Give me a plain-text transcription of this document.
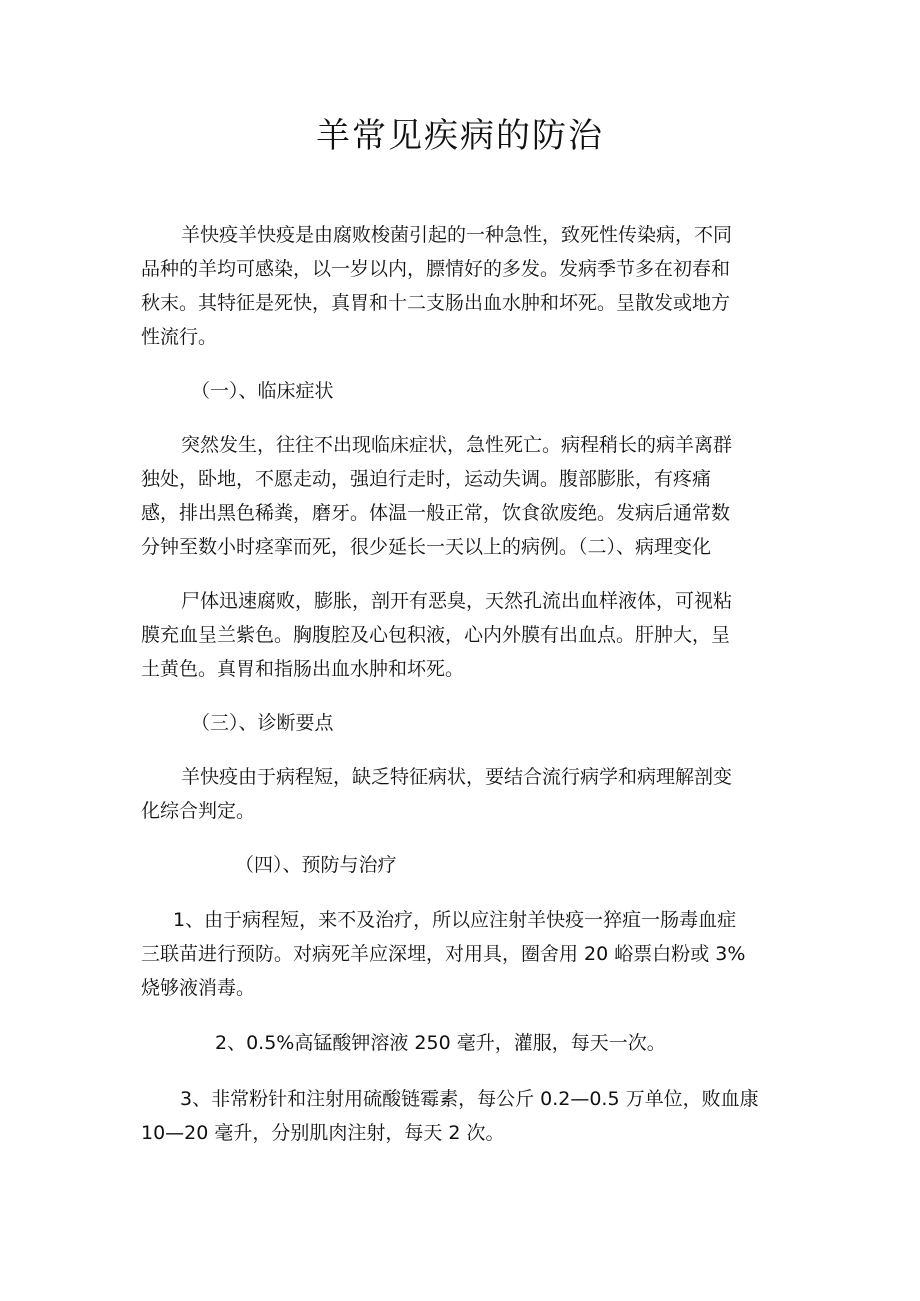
羊常见疾病的防治
羊快疫羊快疫是由腐败梭菌引起的一种急性，致死性传染病，不同
品种的羊均可感染，以一岁以内，膘情好的多发。发病季节多在初春和
秋末。其特征是死快，真胃和十二支肠出血水肿和坏死。呈散发或地方
性流行。
（一）、临床症状
突然发生，往往不出现临床症状，急性死亡。病程稍长的病羊离群
独处，卧地，不愿走动，强迫行走时，运动失调。腹部膨胀，有疼痛
感，排出黑色稀粪，磨牙。体温一般正常，饮食欲废绝。发病后通常数
分钟至数小时痉挛而死，很少延长一天以上的病例。（二）、病理变化
尸体迅速腐败，膨胀，剖开有恶臭，天然孔流出血样液体，可视粘
膜充血呈兰紫色。胸腹腔及心包积液，心内外膜有出血点。肝肿大，呈
土黄色。真胃和指肠出血水肿和坏死。
（三）、诊断要点
羊快疫由于病程短，缺乏特征病状，要结合流行病学和病理解剖变
化综合判定。
（四）、预防与治疗
1、由于病程短，来不及治疗，所以应注射羊快疫一猝疽一肠毒血症
三联苗进行预防。对病死羊应深埋，对用具，圈舍用 20 峪票白粉或 3%
烧够液消毒。
2、0.5%高锰酸钾溶液 250 毫升，灌服，每天一次。
3、非常粉针和注射用硫酸链霉素，每公斤 0.2—0.5 万单位，败血康
10—20 毫升，分别肌肉注射，每天 2 次。
